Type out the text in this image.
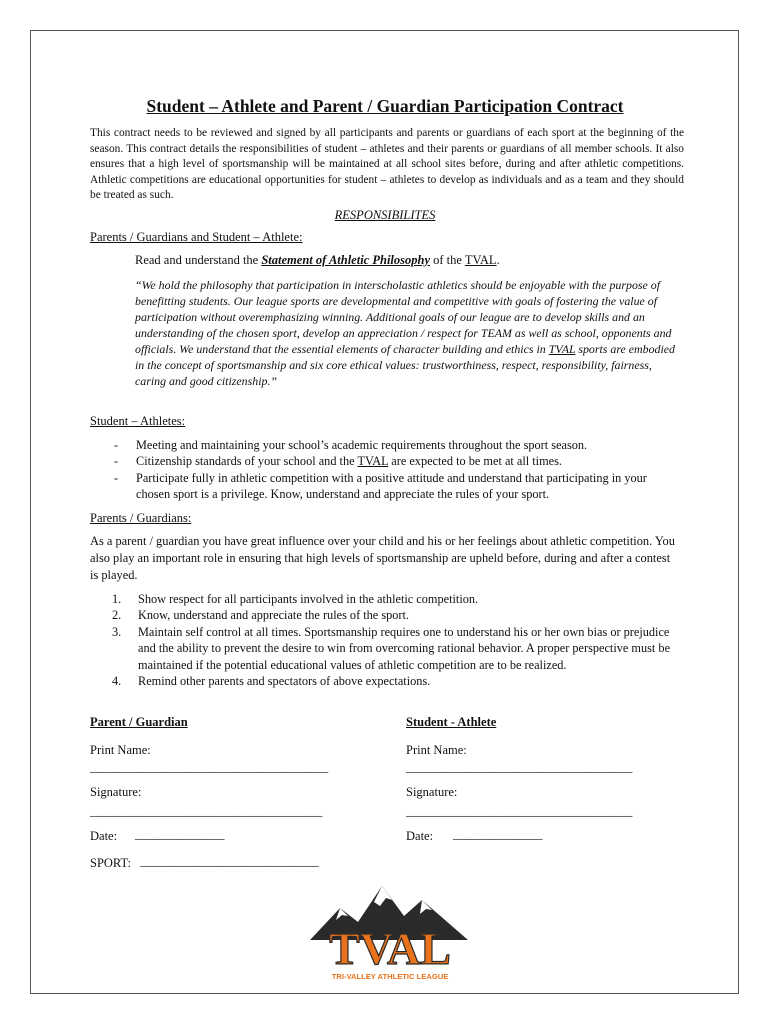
Student – Athlete and Parent / Guardian Participation Contract
This contract needs to be reviewed and signed by all participants and parents or guardians of each sport at the beginning of the season. This contract details the responsibilities of student – athletes and their parents or guardians of all member schools. It also ensures that a high level of sportsmanship will be maintained at all school sites before, during and after athletic competitions. Athletic competitions are educational opportunities for student – athletes to develop as individuals and as a team and they should be treated as such.
RESPONSIBILITES
Parents / Guardians and Student – Athlete:
Read and understand the Statement of Athletic Philosophy of the TVAL.
“We hold the philosophy that participation in interscholastic athletics should be enjoyable with the purpose of benefitting students. Our league sports are developmental and competitive with goals of fostering the value of participation without overemphasizing winning. Additional goals of our league are to develop skills and an understanding of the chosen sport, develop an appreciation / respect for TEAM as well as school, opponents and officials. We understand that the essential elements of character building and ethics in TVAL sports are embodied in the concept of sportsmanship and six core ethical values: trustworthiness, respect, responsibility, fairness, caring and good citizenship.”
Student – Athletes:
-	Meeting and maintaining your school’s academic requirements throughout the sport season.
-	Citizenship standards of your school and the TVAL are expected to be met at all times.
-	Participate fully in athletic competition with a positive attitude and understand that participating in your chosen sport is a privilege. Know, understand and appreciate the rules of your sport.
Parents / Guardians:
As a parent / guardian you have great influence over your child and his or her feelings about athletic competition. You also play an important role in ensuring that high levels of sportsmanship are upheld before, during and after a contest is played.
1.	Show respect for all participants involved in the athletic competition.
2.	Know, understand and appreciate the rules of the sport.
3.	Maintain self control at all times. Sportsmanship requires one to understand his or her own bias or prejudice and the ability to prevent the desire to win from overcoming rational behavior. A proper perspective must be maintained if the potential educational values of athletic competition are to be realized.
4.	Remind other parents and spectators of above expectations.
Parent / Guardian	Student - Athlete
Print Name:	Print Name:
________________________________________	______________________________________
Signature:	Signature:
_______________________________________	______________________________________
Date: _______________	Date: _______________
SPORT: ______________________________
TVAL
TRI-VALLEY ATHLETIC LEAGUE
